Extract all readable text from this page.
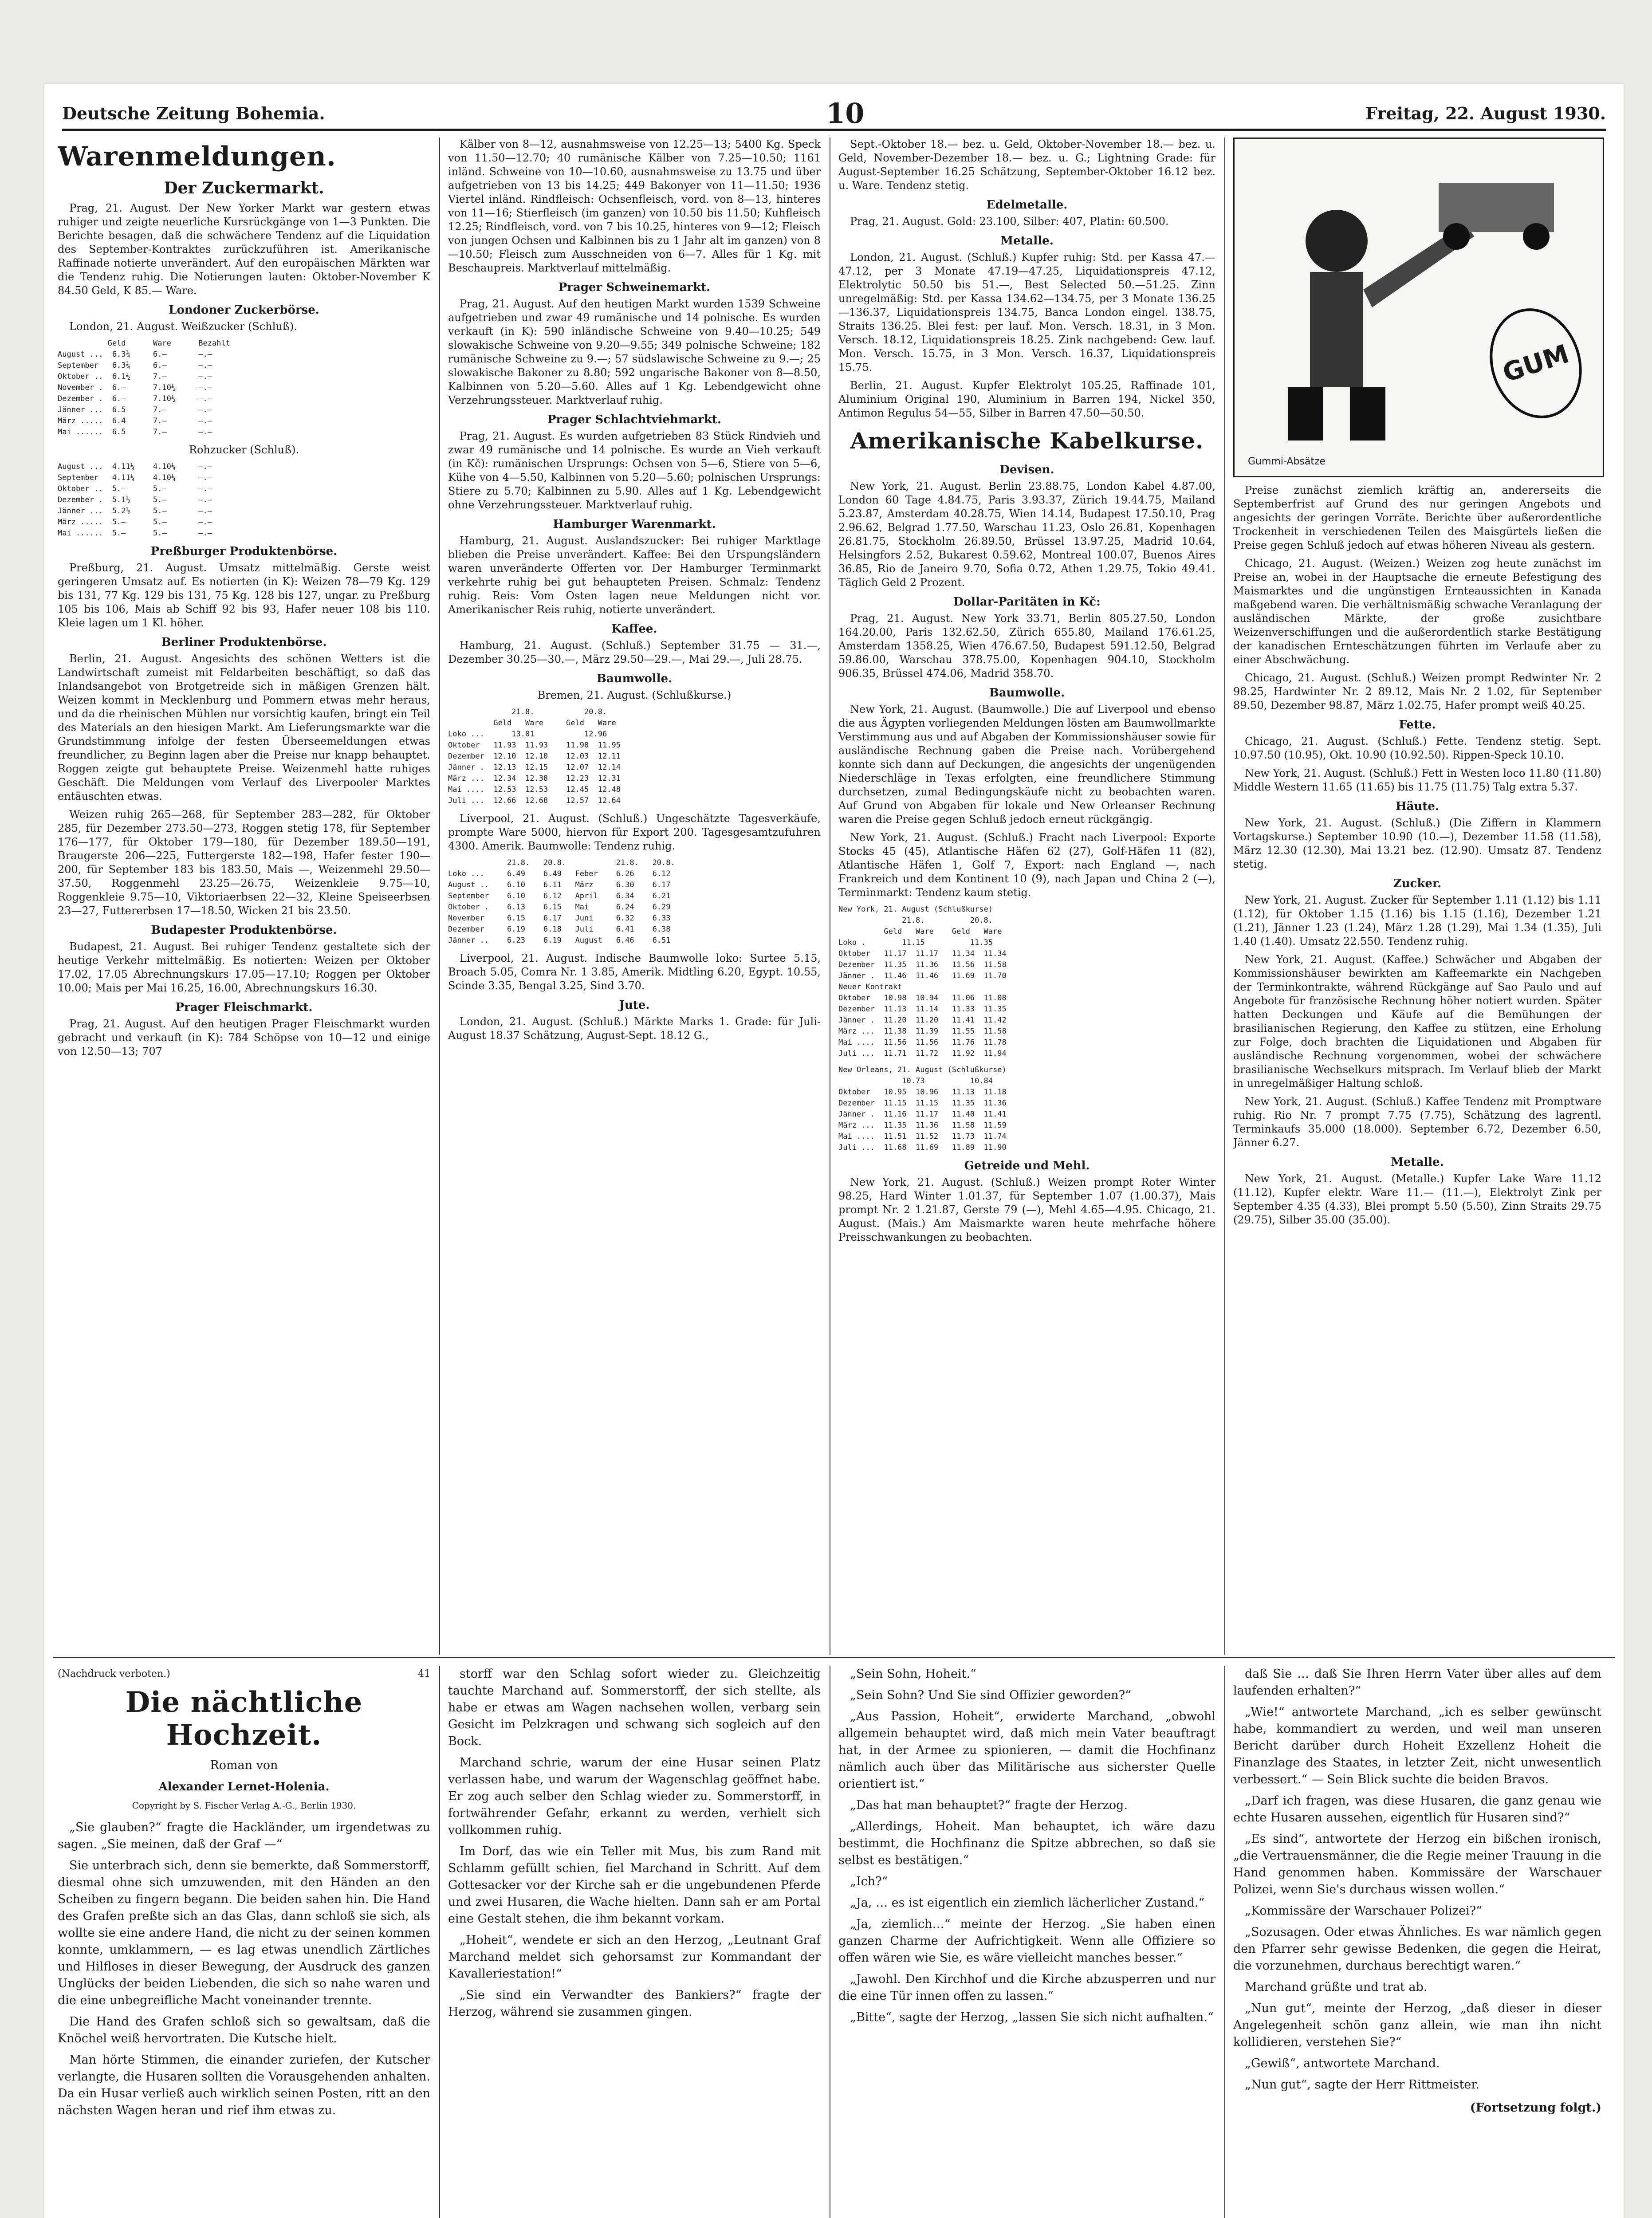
Deutsche Zeitung Bohemia.	10	Freitag, 22. August 1930.
Warenmeldungen.
Der Zuckermarkt.

Prag, 21. August. Der New Yorker Markt war gestern etwas ruhiger und zeigte neuerliche Kursrückgänge von 1—3 Punkten. Die Berichte besagen, daß die schwächere Tendenz auf die Liquidation des September-Kontraktes zurückzuführen ist. Amerikanische Raffinade notierte unverändert. Auf den europäischen Märkten war die Tendenz ruhig. Die Notierungen lauten: Oktober-November K 84.50 Geld, K 85.— Ware.

Londoner Zuckerbörse.

London, 21. August. Weißzucker (Schluß).

Geld      Ware      Bezahlt
August ...  6.3¾     6.—       —.—
September   6.3¾     6.—       —.—
Oktober ..  6.1½     7.—       —.—
November .  6.—      7.10½     —.—
Dezember .  6.—      7.10½     —.—
Jänner ...  6.5      7.—       —.—
März .....  6.4      7.—       —.—
Mai ......  6.5      7.—       —.—

Rohzucker (Schluß).

August ...  4.11¼    4.10¼     —.—
September   4.11¼    4.10¼     —.—
Oktober ..  5.—      5.—       —.—
Dezember .  5.1½     5.—       —.—
Jänner ...  5.2½     5.—       —.—
März .....  5.—      5.—       —.—
Mai ......  5.—      5.—       —.—
Preßburger Produktenbörse.

Preßburg, 21. August. Umsatz mittelmäßig. Gerste weist geringeren Umsatz auf. Es notierten (in K): Weizen 78—79 Kg. 129 bis 131, 77 Kg. 129 bis 131, 75 Kg. 128 bis 127, ungar. zu Preßburg 105 bis 106, Mais ab Schiff 92 bis 93, Hafer neuer 108 bis 110. Kleie lagen um 1 Kl. höher.

Berliner Produktenbörse.

Berlin, 21. August. Angesichts des schönen Wetters ist die Landwirtschaft zumeist mit Feldarbeiten beschäftigt, so daß das Inlandsangebot von Brotgetreide sich in mäßigen Grenzen hält. Weizen kommt in Mecklenburg und Pommern etwas mehr heraus, und da die rheinischen Mühlen nur vorsichtig kaufen, bringt ein Teil des Materials an den hiesigen Markt. Am Lieferungsmarkte war die Grundstimmung infolge der festen Überseemeldungen etwas freundlicher, zu Beginn lagen aber die Preise nur knapp behauptet. Roggen zeigte gut behauptete Preise. Weizenmehl hatte ruhiges Geschäft. Die Meldungen vom Verlauf des Liverpooler Marktes entäuschten etwas.

Weizen ruhig 265—268, für September 283—282, für Oktober 285, für Dezember 273.50—273, Roggen stetig 178, für September 176—177, für Oktober 179—180, für Dezember 189.50—191, Braugerste 206—225, Futtergerste 182—198, Hafer fester 190—200, für September 183 bis 183.50, Mais —, Weizenmehl 29.50—37.50, Roggenmehl 23.25—26.75, Weizenkleie 9.75—10, Roggenkleie 9.75—10, Viktoriaerbsen 22—32, Kleine Speiseerbsen 23—27, Futtererbsen 17—18.50, Wicken 21 bis 23.50.

Budapester Produktenbörse.

Budapest, 21. August. Bei ruhiger Tendenz gestaltete sich der heutige Verkehr mittelmäßig. Es notierten: Weizen per Oktober 17.02, 17.05 Abrechnungskurs 17.05—17.10; Roggen per Oktober 10.00; Mais per Mai 16.25, 16.00, Abrechnungskurs 16.30.

Prager Fleischmarkt.

Prag, 21. August. Auf den heutigen Prager Fleischmarkt wurden gebracht und verkauft (in K): 784 Schöpse von 10—12 und einige von 12.50—13; 707

Kälber von 8—12, ausnahmsweise von 12.25—13; 5400 Kg. Speck von 11.50—12.70; 40 rumänische Kälber von 7.25—10.50; 1161 inländ. Schweine von 10—10.60, ausnahmsweise zu 13.75 und über aufgetrieben von 13 bis 14.25; 449 Bakonyer von 11—11.50; 1936 Viertel inländ. Rindfleisch: Ochsenfleisch, vord. von 8—13, hinteres von 11—16; Stierfleisch (im ganzen) von 10.50 bis 11.50; Kuhfleisch 12.25; Rindfleisch, vord. von 7 bis 10.25, hinteres von 9—12; Fleisch von jungen Ochsen und Kalbinnen bis zu 1 Jahr alt im ganzen) von 8—10.50; Fleisch zum Ausschneiden von 6—7. Alles für 1 Kg. mit Beschaupreis. Marktverlauf mittelmäßig.

Prager Schweinemarkt.

Prag, 21. August. Auf den heutigen Markt wurden 1539 Schweine aufgetrieben und zwar 49 rumänische und 14 polnische. Es wurden verkauft (in K): 590 inländische Schweine von 9.40—10.25; 549 slowakische Schweine von 9.20—9.55; 349 polnische Schweine; 182 rumänische Schweine zu 9.—; 57 südslawische Schweine zu 9.—; 25 slowakische Bakoner zu 8.80; 592 ungarische Bakoner von 8—8.50, Kalbinnen von 5.20—5.60. Alles auf 1 Kg. Lebendgewicht ohne Verzehrungssteuer. Marktverlauf ruhig.

Prager Schlachtviehmarkt.

Prag, 21. August. Es wurden aufgetrieben 83 Stück Rindvieh und zwar 49 rumänische und 14 polnische. Es wurde an Vieh verkauft (in Kč): rumänischen Ursprungs: Ochsen von 5—6, Stiere von 5—6, Kühe von 4—5.50, Kalbinnen von 5.20—5.60; polnischen Ursprungs: Stiere zu 5.70; Kalbinnen zu 5.90. Alles auf 1 Kg. Lebendgewicht ohne Verzehrungssteuer. Marktverlauf ruhig.

Hamburger Warenmarkt.

Hamburg, 21. August. Auslandszucker: Bei ruhiger Marktlage blieben die Preise unverändert. Kaffee: Bei den Urspungsländern waren unveränderte Offerten vor. Der Hamburger Terminmarkt verkehrte ruhig bei gut behaupteten Preisen. Schmalz: Tendenz ruhig. Reis: Vom Osten lagen neue Meldungen nicht vor. Amerikanischer Reis ruhig, notierte unverändert.

Kaffee.

Hamburg, 21. August. (Schluß.) September 31.75 — 31.—, Dezember 30.25—30.—, März 29.50—29.—, Mai 29.—, Juli 28.75.

Baumwolle.

Bremen, 21. August. (Schlußkurse.)

21.8.           20.8.
Geld   Ware     Geld   Ware
Loko ...      13.01           12.96
Oktober   11.93  11.93    11.90  11.95
Dezember  12.10  12.10    12.03  12.11
Jänner .  12.13  12.15    12.07  12.14
März ...  12.34  12.38    12.23  12.31
Mai ....  12.53  12.53    12.45  12.48
Juli ...  12.66  12.68    12.57  12.64

Liverpool, 21. August. (Schluß.) Ungeschätzte Tagesverkäufe, prompte Ware 5000, hiervon für Export 200. Tagesgesamtzufuhren 4300. Amerik. Baumwolle: Tendenz ruhig.

21.8.   20.8.           21.8.   20.8.
Loko ...     6.49    6.49   Feber    6.26    6.12
August ..    6.10    6.11   März     6.30    6.17
September    6.10    6.12   April    6.34    6.21
Oktober .    6.13    6.15   Mai      6.24    6.29
November     6.15    6.17   Juni     6.32    6.33
Dezember     6.19    6.18   Juli     6.41    6.38
Jänner ..    6.23    6.19   August   6.46    6.51

Liverpool, 21. August. Indische Baumwolle loko: Surtee 5.15, Broach 5.05, Comra Nr. 1 3.85, Amerik. Midtling 6.20, Egypt. 10.55, Scinde 3.35, Bengal 3.25, Sind 3.70.

Jute.

London, 21. August. (Schluß.) Märkte Marks 1. Grade: für Juli-August 18.37 Schätzung, August-Sept. 18.12 G.,

Sept.-Oktober 18.— bez. u. Geld, Oktober-November 18.— bez. u. Geld, November-Dezember 18.— bez. u. G.; Lightning Grade: für August-September 16.25 Schätzung, September-Oktober 16.12 bez. u. Ware. Tendenz stetig.

Edelmetalle.

Prag, 21. August. Gold: 23.100, Silber: 407, Platin: 60.500.

Metalle.

London, 21. August. (Schluß.) Kupfer ruhig: Std. per Kassa 47.—47.12, per 3 Monate 47.19—47.25, Liquidationspreis 47.12, Elektrolytic 50.50 bis 51.—, Best Selected 50.—51.25. Zinn unregelmäßig: Std. per Kassa 134.62—134.75, per 3 Monate 136.25—136.37, Liquidationspreis 134.75, Banca London eingel. 138.75, Straits 136.25. Blei fest: per lauf. Mon. Versch. 18.31, in 3 Mon. Versch. 18.12, Liquidationspreis 18.25. Zink nachgebend: Gew. lauf. Mon. Versch. 15.75, in 3 Mon. Versch. 16.37, Liquidationspreis 15.75.

Berlin, 21. August. Kupfer Elektrolyt 105.25, Raffinade 101, Aluminium Original 190, Aluminium in Barren 194, Nickel 350, Antimon Regulus 54—55, Silber in Barren 47.50—50.50.

Amerikanische Kabelkurse.
Devisen.

New York, 21. August. Berlin 23.88.75, London Kabel 4.87.00, London 60 Tage 4.84.75, Paris 3.93.37, Zürich 19.44.75, Mailand 5.23.87, Amsterdam 40.28.75, Wien 14.14, Budapest 17.50.10, Prag 2.96.62, Belgrad 1.77.50, Warschau 11.23, Oslo 26.81, Kopenhagen 26.81.75, Stockholm 26.89.50, Brüssel 13.97.25, Madrid 10.64, Helsingfors 2.52, Bukarest 0.59.62, Montreal 100.07, Buenos Aires 36.85, Rio de Janeiro 9.70, Sofia 0.72, Athen 1.29.75, Tokio 49.41. Täglich Geld 2 Prozent.

Dollar-Paritäten in Kč:

Prag, 21. August. New York 33.71, Berlin 805.27.50, London 164.20.00, Paris 132.62.50, Zürich 655.80, Mailand 176.61.25, Amsterdam 1358.25, Wien 476.67.50, Budapest 591.12.50, Belgrad 59.86.00, Warschau 378.75.00, Kopenhagen 904.10, Stockholm 906.35, Brüssel 474.06, Madrid 358.70.

Baumwolle.

New York, 21. August. (Baumwolle.) Die auf Liverpool und ebenso die aus Ägypten vorliegenden Meldungen lösten am Baumwollmarkte Verstimmung aus und auf Abgaben der Kommissionshäuser sowie für ausländische Rechnung gaben die Preise nach. Vorübergehend konnte sich dann auf Deckungen, die angesichts der ungenügenden Niederschläge in Texas erfolgten, eine freundlichere Stimmung durchsetzen, zumal Bedingungskäufe nicht zu beobachten waren. Auf Grund von Abgaben für lokale und New Orleanser Rechnung waren die Preise gegen Schluß jedoch erneut rückgängig.

New York, 21. August. (Schluß.) Fracht nach Liverpool: Exporte Stocks 45 (45), Atlantische Häfen 62 (27), Golf-Häfen 11 (82), Atlantische Häfen 1, Golf 7, Export: nach England —, nach Frankreich und dem Kontinent 10 (9), nach Japan und China 2 (—), Terminmarkt: Tendenz kaum stetig.

New York, 21. August (Schlußkurse)
21.8.          20.8.
Geld   Ware    Geld   Ware
Loko .        11.15          11.35
Oktober   11.17  11.17   11.34  11.34
Dezember  11.35  11.36   11.56  11.58
Jänner .  11.46  11.46   11.69  11.70
Neuer Kontrakt
Oktober   10.98  10.94   11.06  11.08
Dezember  11.13  11.14   11.33  11.35
Jänner .  11.20  11.20   11.41  11.42
März ...  11.38  11.39   11.55  11.58
Mai ....  11.56  11.56   11.76  11.78
Juli ...  11.71  11.72   11.92  11.94
New Orleans, 21. August (Schlußkurse)
10.73          10.84
Oktober   10.95  10.96   11.13  11.18
Dezember  11.15  11.15   11.35  11.36
Jänner .  11.16  11.17   11.40  11.41
März ...  11.35  11.36   11.58  11.59
Mai ....  11.51  11.52   11.73  11.74
Juli ...  11.68  11.69   11.89  11.90
Getreide und Mehl.

New York, 21. August. (Schluß.) Weizen prompt Roter Winter 98.25, Hard Winter 1.01.37, für September 1.07 (1.00.37), Mais prompt Nr. 2 1.21.87, Gerste 79 (—), Mehl 4.65—4.95. Chicago, 21. August. (Mais.) Am Maismarkte waren heute mehrfache höhere Preisschwankungen zu beobachten.

GUM
Gummi-Absätze

Preise zunächst ziemlich kräftig an, andererseits die Septemberfrist auf Grund des nur geringen Angebots und angesichts der geringen Vorräte. Berichte über außerordentliche Trockenheit in verschiedenen Teilen des Maisgürtels ließen die Preise gegen Schluß jedoch auf etwas höheren Niveau als gestern.

Chicago, 21. August. (Weizen.) Weizen zog heute zunächst im Preise an, wobei in der Hauptsache die erneute Befestigung des Maismarktes und die ungünstigen Ernteaussichten in Kanada maßgebend waren. Die verhältnismäßig schwache Veranlagung der ausländischen Märkte, der große zusichtbare Weizenverschiffungen und die außerordentlich starke Bestätigung der kanadischen Ernteschätzungen führten im Verlaufe aber zu einer Abschwächung.

Chicago, 21. August. (Schluß.) Weizen prompt Redwinter Nr. 2 98.25, Hardwinter Nr. 2 89.12, Mais Nr. 2 1.02, für September 89.50, Dezember 98.87, März 1.02.75, Hafer prompt weiß 40.25.

Fette.

Chicago, 21. August. (Schluß.) Fette. Tendenz stetig. Sept. 10.97.50 (10.95), Okt. 10.90 (10.92.50). Rippen-Speck 10.10.

New York, 21. August. (Schluß.) Fett in Westen loco 11.80 (11.80) Middle Western 11.65 (11.65) bis 11.75 (11.75) Talg extra 5.37.

Häute.

New York, 21. August. (Schluß.) (Die Ziffern in Klammern Vortagskurse.) September 10.90 (10.—), Dezember 11.58 (11.58), März 12.30 (12.30), Mai 13.21 bez. (12.90). Umsatz 87. Tendenz stetig.

Zucker.

New York, 21. August. Zucker für September 1.11 (1.12) bis 1.11 (1.12), für Oktober 1.15 (1.16) bis 1.15 (1.16), Dezember 1.21 (1.21), Jänner 1.23 (1.24), März 1.28 (1.29), Mai 1.34 (1.35), Juli 1.40 (1.40). Umsatz 22.550. Tendenz ruhig.

New York, 21. August. (Kaffee.) Schwächer und Abgaben der Kommissionshäuser bewirkten am Kaffeemarkte ein Nachgeben der Terminkontrakte, während Rückgänge auf Sao Paulo und auf Angebote für französische Rechnung höher notiert wurden. Später hatten Deckungen und Käufe auf die Bemühungen der brasilianischen Regierung, den Kaffee zu stützen, eine Erholung zur Folge, doch brachten die Liquidationen und Abgaben für ausländische Rechnung vorgenommen, wobei der schwächere brasilianische Wechselkurs mitsprach. Im Verlauf blieb der Markt in unregelmäßiger Haltung schloß.

New York, 21. August. (Schluß.) Kaffee Tendenz mit Promptware ruhig. Rio Nr. 7 prompt 7.75 (7.75), Schätzung des lagrentl. Terminkaufs 35.000 (18.000). September 6.72, Dezember 6.50, Jänner 6.27.

Metalle.

New York, 21. August. (Metalle.) Kupfer Lake Ware 11.12 (11.12), Kupfer elektr. Ware 11.— (11.—), Elektrolyt Zink per September 4.35 (4.33), Blei prompt 5.50 (5.50), Zinn Straits 29.75 (29.75), Silber 35.00 (35.00).

(Nachdruck verboten.)	41
Die nächtliche Hochzeit.

Roman von

Alexander Lernet-Holenia.

Copyright by S. Fischer Verlag A.-G., Berlin 1930.

„Sie glauben?“ fragte die Hackländer, um irgendetwas zu sagen. „Sie meinen, daß der Graf —“

Sie unterbrach sich, denn sie bemerkte, daß Sommerstorff, diesmal ohne sich umzuwenden, mit den Händen an den Scheiben zu fingern begann. Die beiden sahen hin. Die Hand des Grafen preßte sich an das Glas, dann schloß sie sich, als wollte sie eine andere Hand, die nicht zu der seinen kommen konnte, umklammern, — es lag etwas unendlich Zärtliches und Hilfloses in dieser Bewegung, der Ausdruck des ganzen Unglücks der beiden Liebenden, die sich so nahe waren und die eine unbegreifliche Macht voneinander trennte.

Die Hand des Grafen schloß sich so gewaltsam, daß die Knöchel weiß hervortraten. Die Kutsche hielt.

Man hörte Stimmen, die einander zuriefen, der Kutscher verlangte, die Husaren sollten die Vorausgehenden anhalten. Da ein Husar verließ auch wirklich seinen Posten, ritt an den nächsten Wagen heran und rief ihm etwas zu.

storff war den Schlag sofort wieder zu. Gleichzeitig tauchte Marchand auf. Sommerstorff, der sich stellte, als habe er etwas am Wagen nachsehen wollen, verbarg sein Gesicht im Pelzkragen und schwang sich sogleich auf den Bock.

Marchand schrie, warum der eine Husar seinen Platz verlassen habe, und warum der Wagenschlag geöffnet habe. Er zog auch selber den Schlag wieder zu. Sommerstorff, in fortwährender Gefahr, erkannt zu werden, verhielt sich vollkommen ruhig.

Im Dorf, das wie ein Teller mit Mus, bis zum Rand mit Schlamm gefüllt schien, fiel Marchand in Schritt. Auf dem Gottesacker vor der Kirche sah er die ungebundenen Pferde und zwei Husaren, die Wache hielten. Dann sah er am Portal eine Gestalt stehen, die ihm bekannt vorkam.

„Hoheit“, wendete er sich an den Herzog, „Leutnant Graf Marchand meldet sich gehorsamst zur Kommandant der Kavalleriestation!“

„Sie sind ein Verwandter des Bankiers?“ fragte der Herzog, während sie zusammen gingen.

„Sein Sohn, Hoheit.“

„Sein Sohn? Und Sie sind Offizier geworden?“

„Aus Passion, Hoheit“, erwiderte Marchand, „obwohl allgemein behauptet wird, daß mich mein Vater beauftragt hat, in der Armee zu spionieren, — damit die Hochfinanz nämlich auch über das Militärische aus sicherster Quelle orientiert ist.“

„Das hat man behauptet?“ fragte der Herzog.

„Allerdings, Hoheit. Man behauptet, ich wäre dazu bestimmt, die Hochfinanz die Spitze abbrechen, so daß sie selbst es bestätigen.“

„Ich?“

„Ja, … es ist eigentlich ein ziemlich lächerlicher Zustand.“

„Ja, ziemlich…“ meinte der Herzog. „Sie haben einen ganzen Charme der Aufrichtigkeit. Wenn alle Offiziere so offen wären wie Sie, es wäre vielleicht manches besser.“

„Jawohl. Den Kirchhof und die Kirche abzusperren und nur die eine Tür innen offen zu lassen.“

„Bitte“, sagte der Herzog, „lassen Sie sich nicht aufhalten.“

daß Sie … daß Sie Ihren Herrn Vater über alles auf dem laufenden erhalten?“

„Wie!“ antwortete Marchand, „ich es selber gewünscht habe, kommandiert zu werden, und weil man unseren Bericht darüber durch Hoheit Exzellenz Hoheit die Finanzlage des Staates, in letzter Zeit, nicht unwesentlich verbessert.“ — Sein Blick suchte die beiden Bravos.

„Darf ich fragen, was diese Husaren, die ganz genau wie echte Husaren aussehen, eigentlich für Husaren sind?“

„Es sind“, antwortete der Herzog ein bißchen ironisch, „die Vertrauensmänner, die die Regie meiner Trauung in die Hand genommen haben. Kommissäre der Warschauer Polizei, wenn Sie's durchaus wissen wollen.“

„Kommissäre der Warschauer Polizei?“

„Sozusagen. Oder etwas Ähnliches. Es war nämlich gegen den Pfarrer sehr gewisse Bedenken, die gegen die Heirat, die vorzunehmen, durchaus berechtigt waren.“

Marchand grüßte und trat ab.

„Nun gut“, meinte der Herzog, „daß dieser in dieser Angelegenheit schön ganz allein, wie man ihn nicht kollidieren, verstehen Sie?“

„Gewiß“, antwortete Marchand.

„Nun gut“, sagte der Herr Rittmeister.

(Fortsetzung folgt.)
